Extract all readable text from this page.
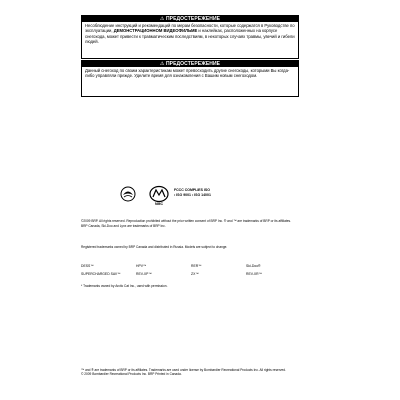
⚠ ПРЕДОСТЕРЕЖЕНИЕ
Несоблюдение инструкций и рекомендаций по мерам безопасности, которые содержатся в Руководстве по эксплуатации, ДЕМОНСТРАЦИОННОМ ВИДЕОФИЛЬМЕ и наклейках, расположенных на корпусе снегохода, может привести к травматическим последствиям, в некоторых случаях травмы, увечий и гибели людей.
⚠ ПРЕДОСТЕРЕЖЕНИЕ
Данный снегоход по своим характеристикам может превосходить другие снегоходы, которыми Вы когда-либо управляли прежде. Уделите время для ознакомления с Вашим новым снегоходом.
NMC
FCCC COMPLIES ISO
• ISO 9001 • ISO 14001
©2009 BRP. All rights reserved. Reproduction prohibited without the prior written consent of BRP Inc. ® and ™ are trademarks of BRP or its affiliates.
BRP Canada, Ski-Doo and Lynx are trademarks of BRP Inc.
Registered trademarks owned by BRP Canada and distributed in Russia. Models are subject to change.
DESS™	HPV™	RER™	Ski-Doo®
SUPERCHARGED SAV™	REV-XP™	ZX™	REV-XR™
* Trademarks owned by Arctic Cat Inc., used with permission.
™ and ® are trademarks of BRP or its affiliates. Trademarks are used under license by Bombardier Recreational Products Inc. All rights reserved.
© 2009 Bombardier Recreational Products Inc. BRP Printed in Canada.
